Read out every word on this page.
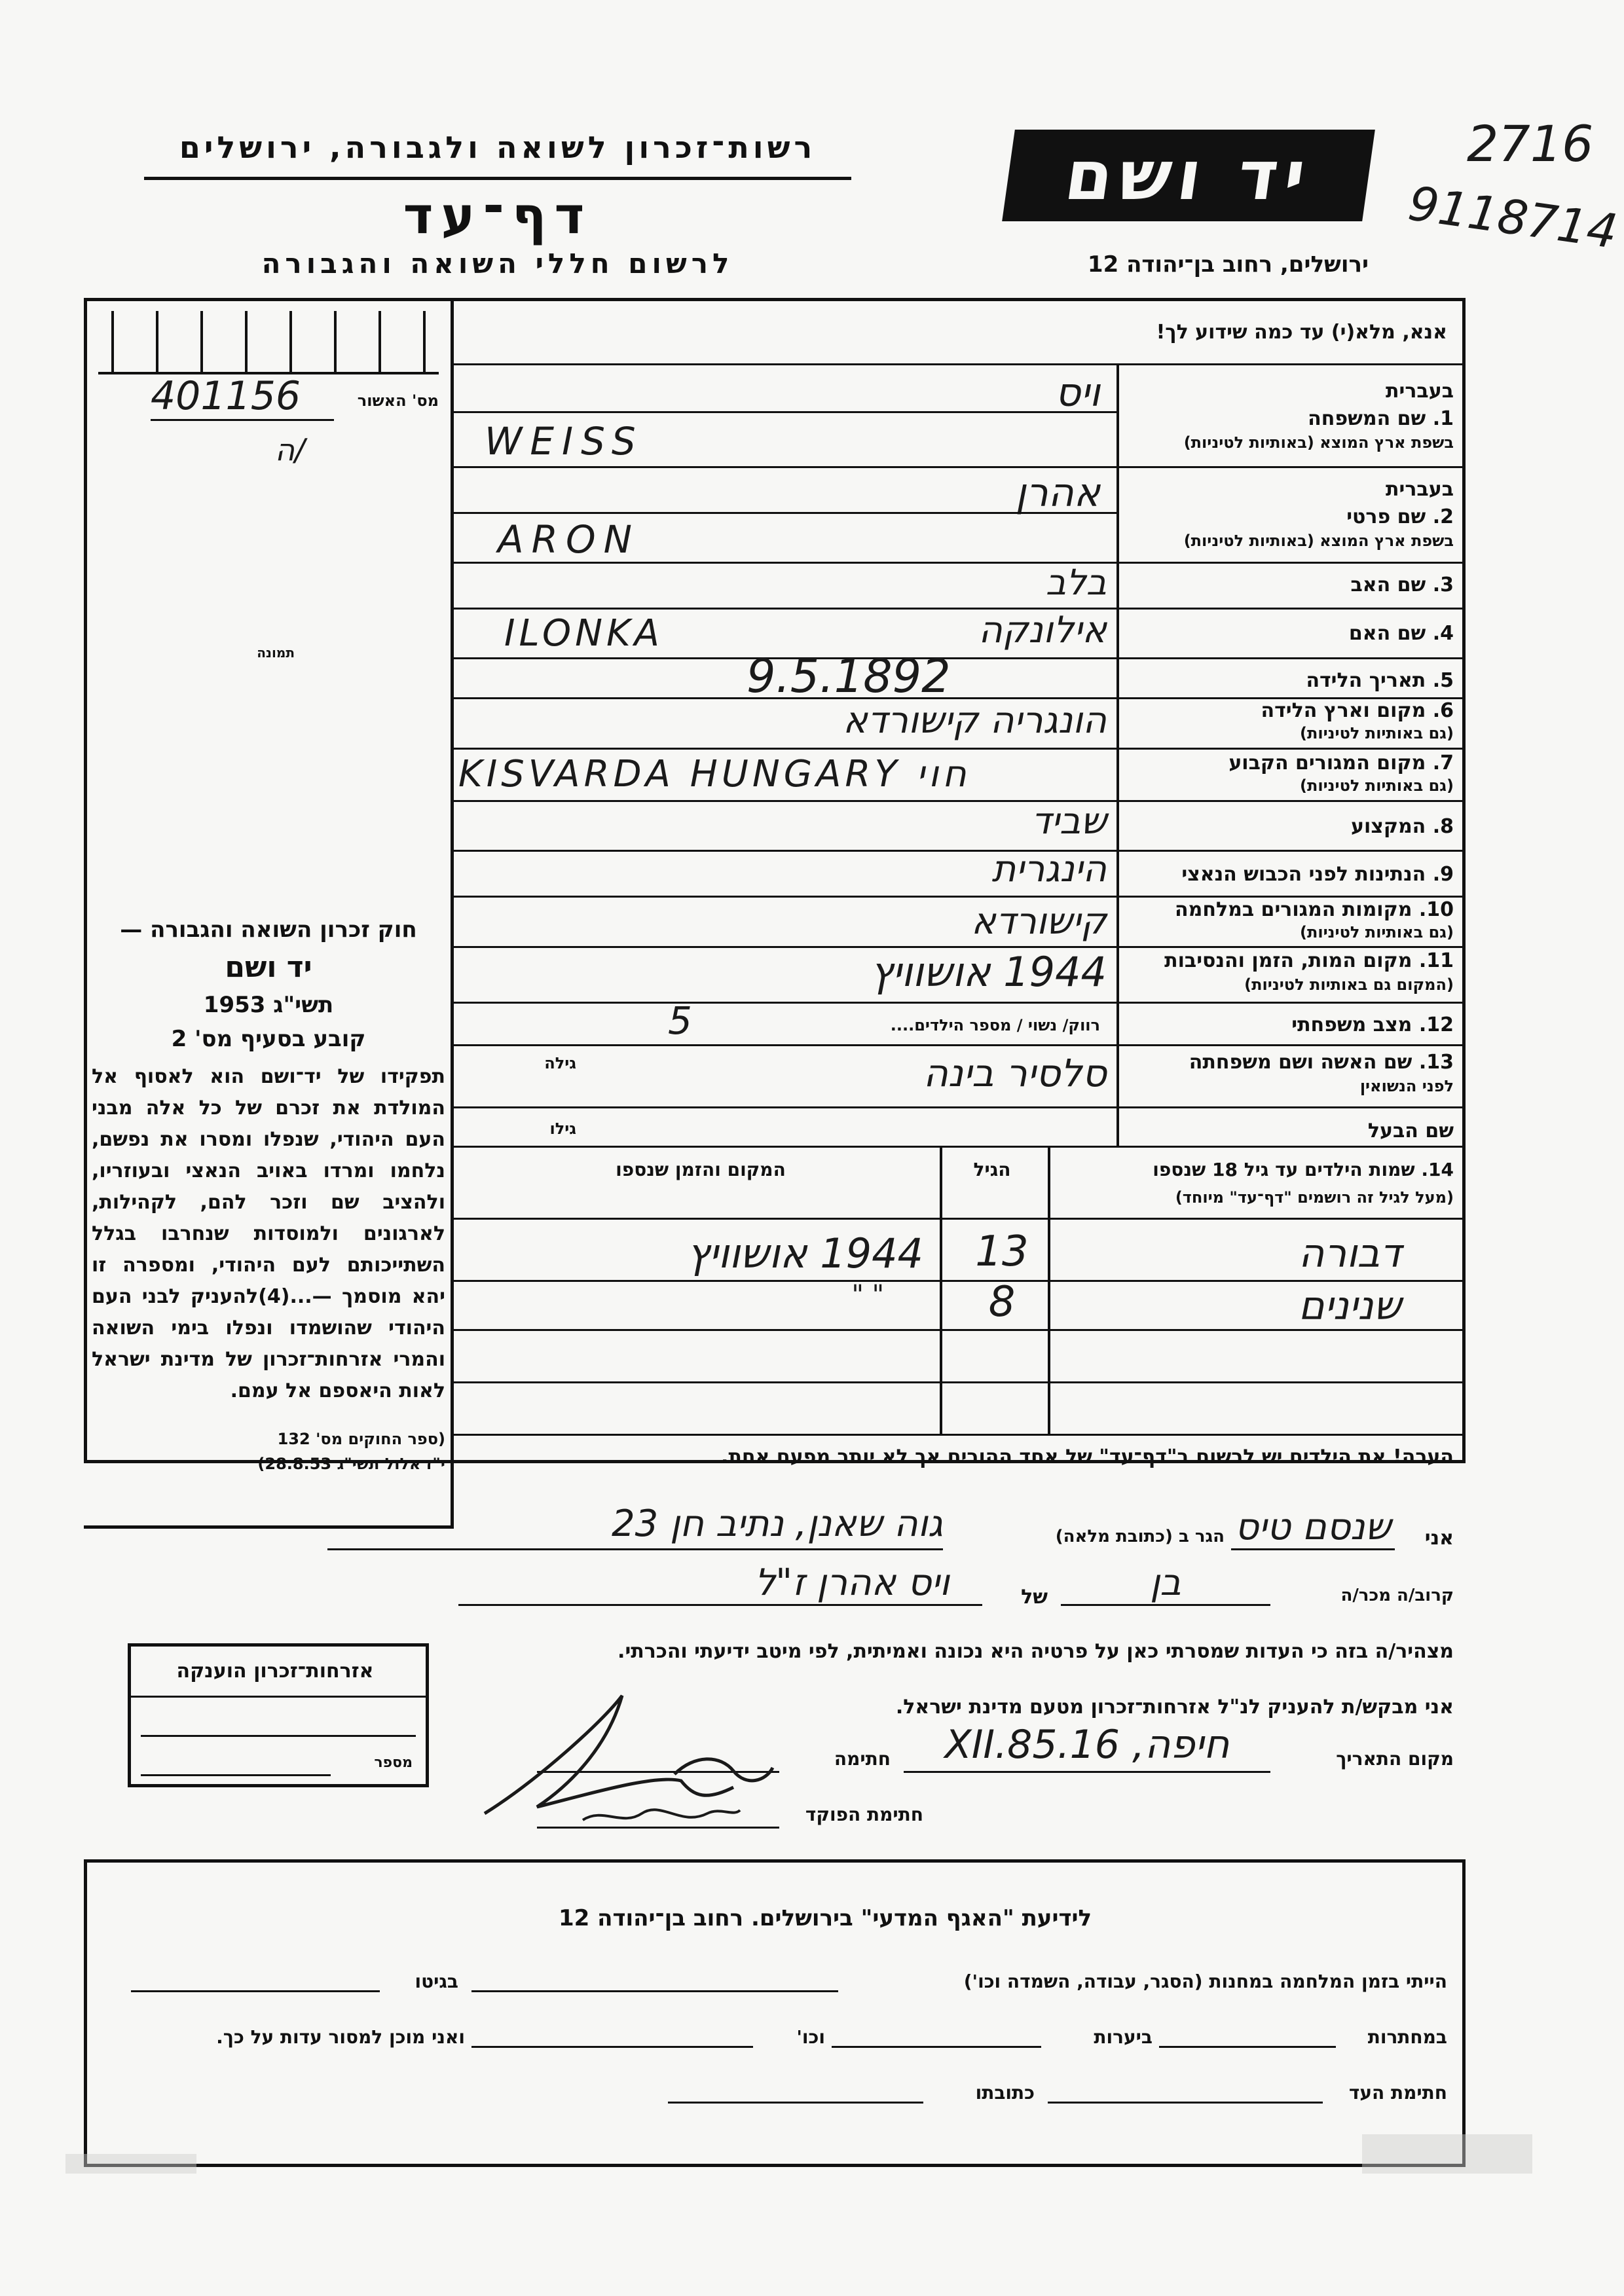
רשות־זכרון לשואה ולגבורה, ירושלים
דף־עד
לרשום חללי השואה והגבורה
יד ושם
ירושלים, רחוב בן־יהודה 12
2716
9118714
מס' האשור
401156
ה/
תמונה
חוק זכרון השואה והגבורה —
יד ושם
תשי"ג 1953
קובע בסעיף מס' 2
תפקידו של יד־ושם הוא לאסוף אל המולדת את זכרם של כל אלה מבני העם היהודי, שנפלו ומסרו את נפשם, נלחמו ומרדו באויב הנאצי ובעוזריו, ולהציב שם וזכר להם, לקהילות, לארגונים ולמוסדות שנחרבו בגלל השתייכותם לעם היהודי, ומספרה זו יהא מוסמך —...(4)להעניק לבני העם היהודי שהושמדו ונפלו בימי השואה והמרי אזרחות־זכרון של מדינת ישראל לאות היאספם אל עמם.
(ספר החוקים מס' 132
י"ז אלול תשי"ג 28.8.53)
אנא, מלא(י) עד כמה שידוע לך!
בעברית
1. שם המשפחה
בשפת ארץ המוצא (באותיות לטיניות)
ויס
WEISS
בעברית
2. שם פרטי
בשפת ארץ המוצא (באותיות לטיניות)
אהרן
ARON
3. שם האב
בלב
4. שם האם
אילונקה
ILONKA
5. תאריך הלידה
9.5.1892
6. מקום וארץ הלידה
(גם באותיות לטיניות)
הונגריה קישורדא
7. מקום המגורים הקבוע
(גם באותיות לטיניות)
KISVARDA HUNGARY חוי
8. המקצוע
שביד
9. הנתינות לפני הכבוש הנאצי
הינגרית
10. מקומות המגורים במלחמה
(גם באותיות לטיניות)
קישורדא
11. מקום המות, הזמן והנסיבות
(המקום גם באותיות לטיניות)
1944 אושוויץ
12. מצב משפחתי
רווק/ נשוי / מספר הילדים....
5
13. שם האשה ושם משפחתה
לפני הנשואין
גילה	סלסיר בינה
שם הבעל
גילו
14. שמות הילדים עד גיל 18 שנספו
(מעל לגיל זה רושמים "דף־עד" מיוחד)
הגיל
המקום והזמן שנספו
דבורה
13
1944 אושוויץ
שנינים
8
" "
הערה! את הילדים יש לרשום ב"דף־עד" של אחד ההורים אך לא יותר מפעם אחת.
אני
שנסם טיס
הגר ב (כתובת מלאה)
גוה שאנן, נתיב חן 23
קרוב/ה מכר/ה
בן
של
ויס אהרן ז"ל
מצהיר/ה בזה כי העדות שמסרתי כאן על פרטיה היא נכונה ואמיתית, לפי מיטב ידיעתי והכרתי.
אני מבקש/ת להעניק לנ"ל אזרחות־זכרון מטעם מדינת ישראל.
מקום התאריך
חיפה, 16.XII.85
חתימה
חתימת הפוקד
אזרחות־זכרון הוענקה
מספר
לידיעת "האגף המדעי" בירושלים. רחוב בן־יהודה 12
הייתי בזמן המלחמה במחנות (הסגר, עבודה, השמדה וכו')
בגיטו
במחתרות
ביערות
וכו'
ואני מוכן למסור עדות על כך.
חתימת העד
כתובתו
